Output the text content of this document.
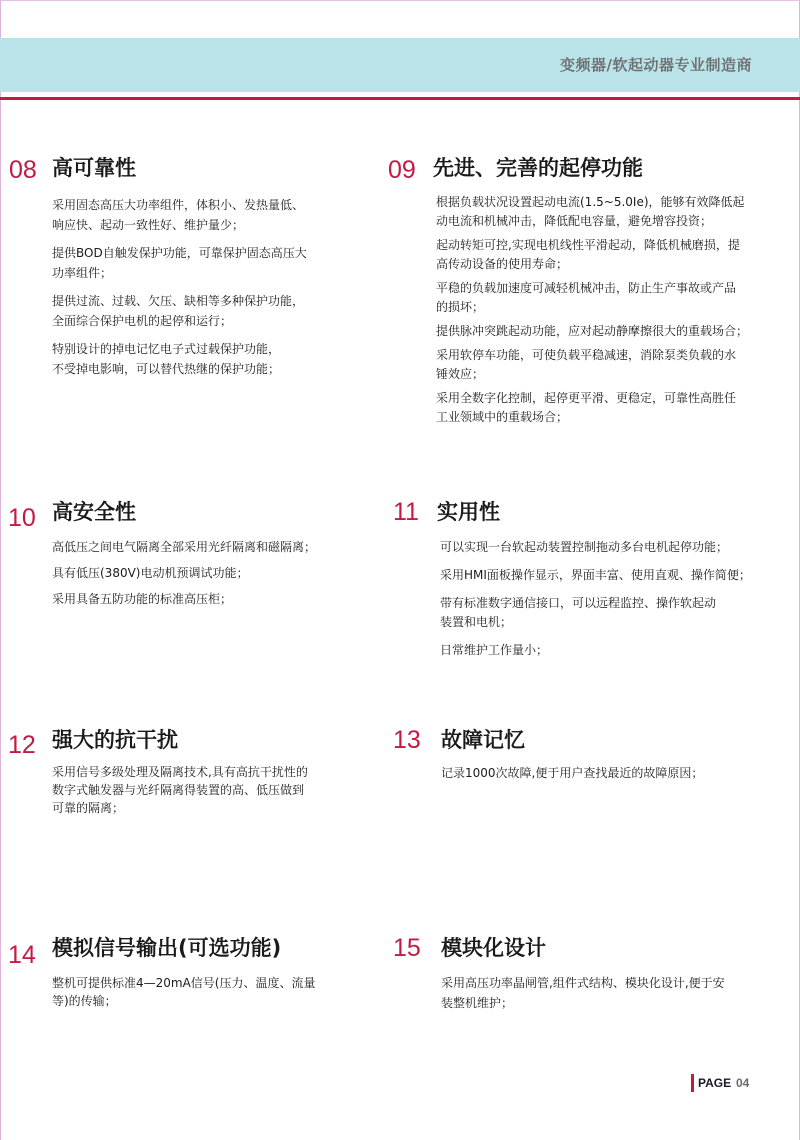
变频器/软起动器专业制造商
08 高可靠性

采用固态高压大功率组件，体积小、发热量低、
响应快、起动一致性好、维护量少；

提供BOD自触发保护功能，可靠保护固态高压大
功率组件；

提供过流、过载、欠压、缺相等多种保护功能，
全面综合保护电机的起停和运行；

特别设计的掉电记忆电子式过载保护功能，
不受掉电影响，可以替代热继的保护功能；

09 先进、完善的起停功能

根据负载状况设置起动电流(1.5~5.0Ie)，能够有效降低起
动电流和机械冲击，降低配电容量，避免增容投资；

起动转矩可控,实现电机线性平滑起动，降低机械磨损，提
高传动设备的使用寿命；

平稳的负载加速度可减轻机械冲击，防止生产事故或产品
的损坏；

提供脉冲突跳起动功能，应对起动静摩擦很大的重载场合；

采用软停车功能，可使负载平稳减速，消除泵类负载的水
锤效应；

采用全数字化控制，起停更平滑、更稳定，可靠性高胜任
工业领域中的重载场合；

10 高安全性

高低压之间电气隔离全部采用光纤隔离和磁隔离；

具有低压(380V)电动机预调试功能；

采用具备五防功能的标准高压柜；

11 实用性

可以实现一台软起动装置控制拖动多台电机起停功能；

采用HMI面板操作显示，界面丰富、使用直观、操作简便；

带有标准数字通信接口，可以远程监控、操作软起动
装置和电机；

日常维护工作量小；

12 强大的抗干扰

采用信号多级处理及隔离技术,具有高抗干扰性的
数字式触发器与光纤隔离得装置的高、低压做到
可靠的隔离；

13 故障记忆

记录1000次故障,便于用户查找最近的故障原因；

14 模拟信号输出(可选功能)

整机可提供标准4—20mA信号(压力、温度、流量
等)的传输；

15 模块化设计

采用高压功率晶闸管,组件式结构、模块化设计,便于安
装整机维护；

PAGE 04
